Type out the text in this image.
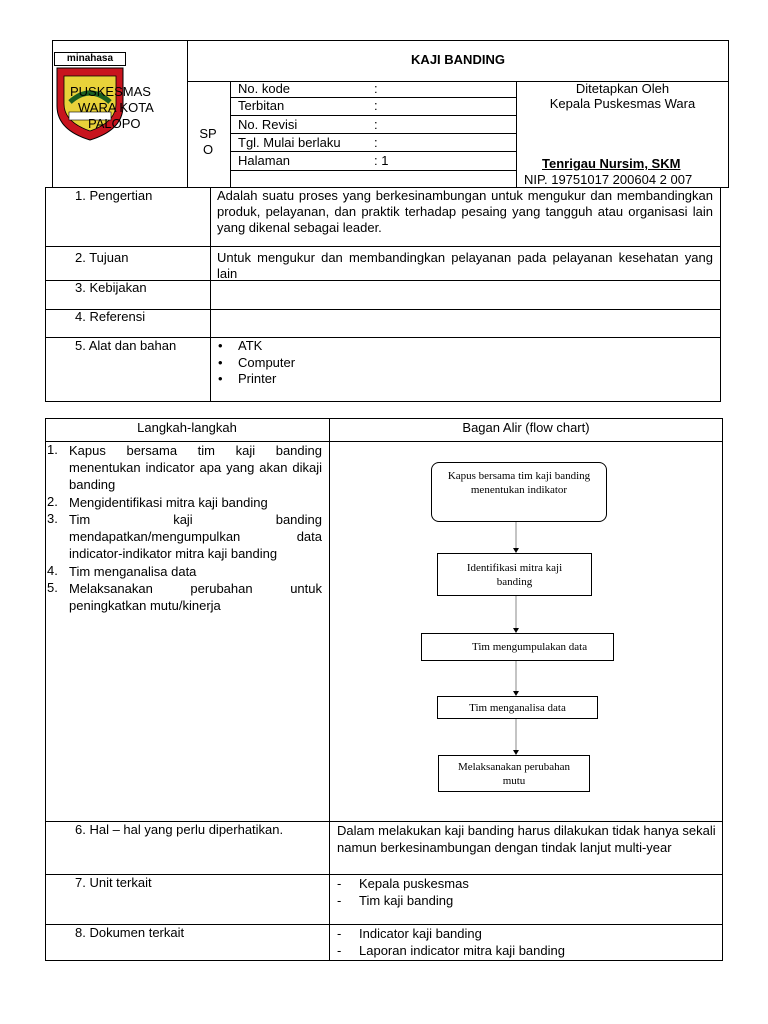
minahasa
PUSKESMAS
WARA KOTA
PALOPO
KAJI BANDING
SP O
No. kode	:
Terbitan	:
No. Revisi	:
Tgl. Mulai berlaku	:
Halaman	: 1
Ditetapkan Oleh
Kepala Puskesmas Wara
Tenrigau Nursim, SKM
NIP. 19751017 200604 2 007
1. Pengertian	Adalah suatu proses yang berkesinambungan untuk mengukur dan membandingkan produk, pelayanan, dan praktik terhadap pesaing yang tangguh atau organisasi lain yang dikenal sebagai leader.
2. Tujuan	Untuk mengukur dan membandingkan pelayanan pada pelayanan kesehatan yang lain
3. Kebijakan
4. Referensi
5. Alat dan bahan	• ATK
• Computer
• Printer
Langkah-langkah	Bagan Alir (flow chart)
1. Kapus bersama tim kaji banding menentukan indicator apa yang akan dikaji banding
2. Mengidentifikasi mitra kaji banding
3. Tim kaji banding mendapatkan/mengumpulkan data indicator-indikator mitra kaji banding
4. Tim menganalisa data
5. Melaksanakan perubahan untuk peningkatkan mutu/kinerja
Kapus bersama tim kaji banding menentukan indikator
Identifikasi mitra kaji banding
Tim mengumpulakan data
Tim menganalisa data
Melaksanakan perubahan mutu
6. Hal – hal yang perlu diperhatikan.	Dalam melakukan kaji banding harus dilakukan tidak hanya sekali namun berkesinambungan dengan tindak lanjut multi-year
7. Unit terkait	- Kepala puskesmas
- Tim kaji banding
8. Dokumen terkait	- Indicator kaji banding
- Laporan indicator mitra kaji banding
